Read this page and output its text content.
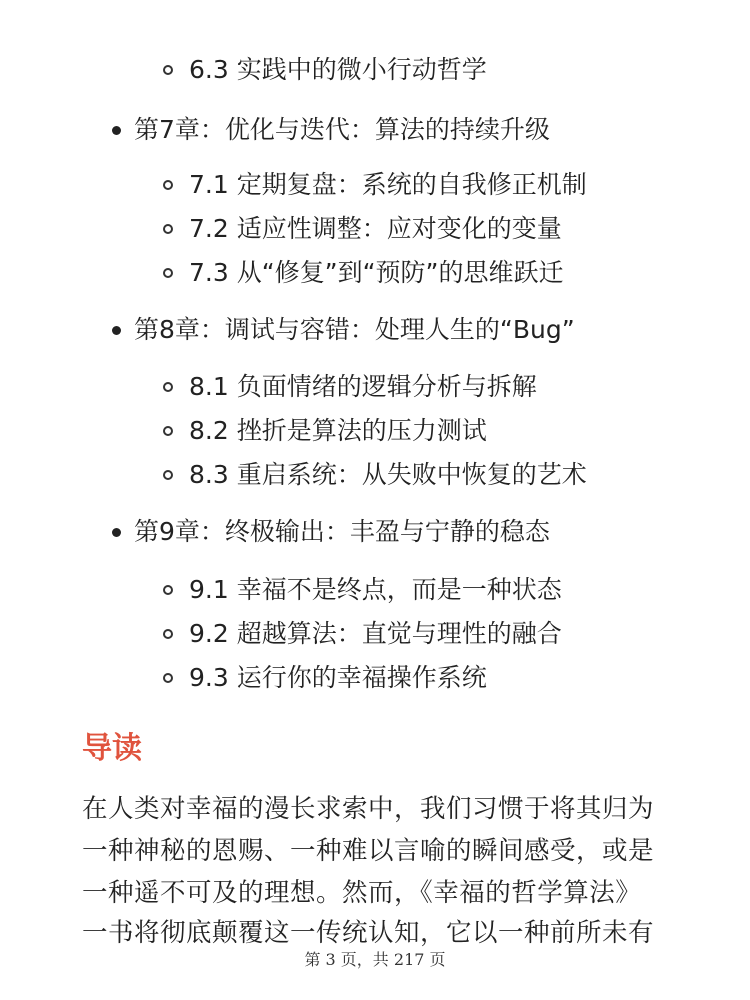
6.3 实践中的微小行动哲学
第7章：优化与迭代：算法的持续升级
7.1 定期复盘：系统的自我修正机制
7.2 适应性调整：应对变化的变量
7.3 从“修复”到“预防”的思维跃迁
第8章：调试与容错：处理人生的“Bug”
8.1 负面情绪的逻辑分析与拆解
8.2 挫折是算法的压力测试
8.3 重启系统：从失败中恢复的艺术
第9章：终极输出：丰盈与宁静的稳态
9.1 幸福不是终点，而是一种状态
9.2 超越算法：直觉与理性的融合
9.3 运行你的幸福操作系统
导读
在人类对幸福的漫长求索中，我们习惯于将其归为
一种神秘的恩赐、一种难以言喻的瞬间感受，或是
一种遥不可及的理想。然而，《幸福的哲学算法》
一书将彻底颠覆这一传统认知，它以一种前所未有
第 3 页，共 217 页
